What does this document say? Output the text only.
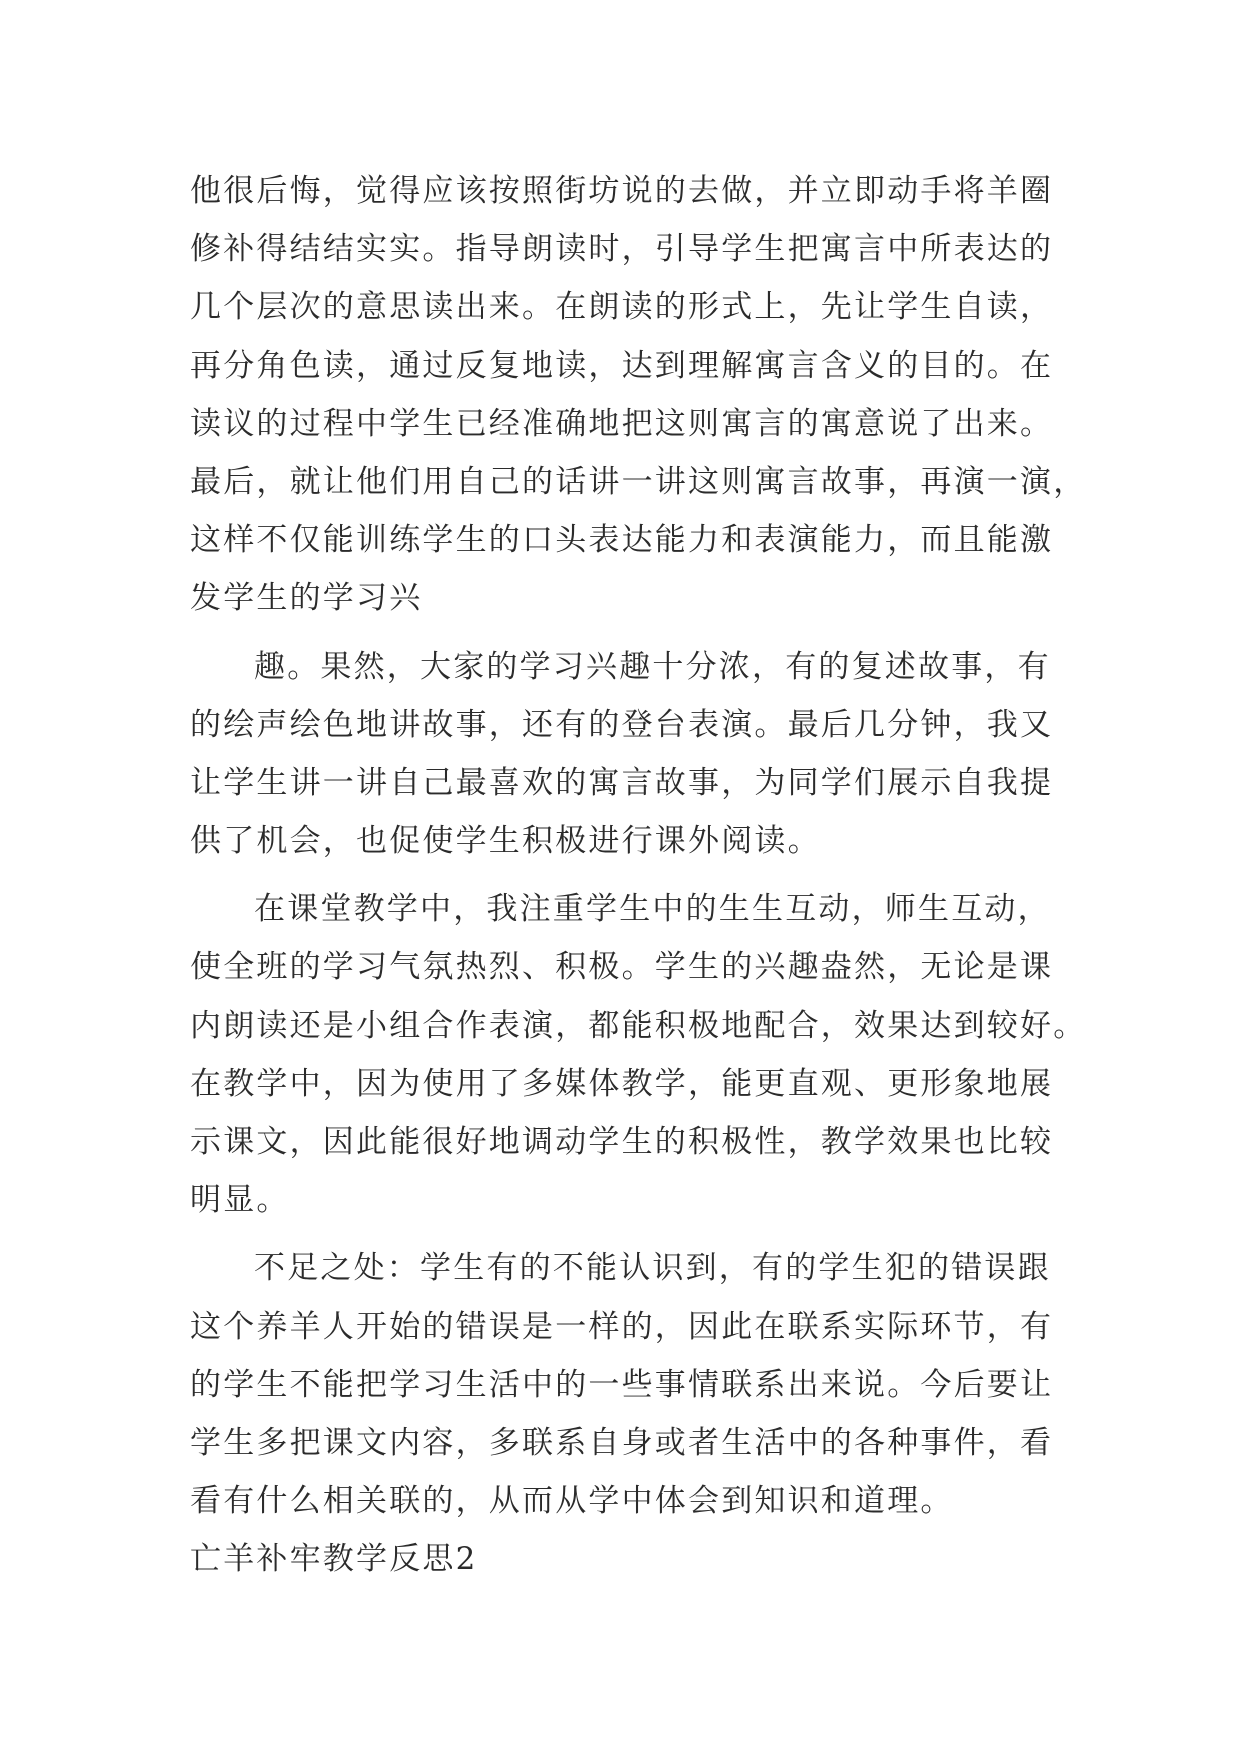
他很后悔，觉得应该按照街坊说的去做，并立即动手将羊圈
修补得结结实实。指导朗读时，引导学生把寓言中所表达的
几个层次的意思读出来。在朗读的形式上，先让学生自读，
再分角色读，通过反复地读，达到理解寓言含义的目的。在
读议的过程中学生已经准确地把这则寓言的寓意说了出来。
最后，就让他们用自己的话讲一讲这则寓言故事，再演一演，
这样不仅能训练学生的口头表达能力和表演能力，而且能激
发学生的学习兴
趣。果然，大家的学习兴趣十分浓，有的复述故事，有
的绘声绘色地讲故事，还有的登台表演。最后几分钟，我又
让学生讲一讲自己最喜欢的寓言故事，为同学们展示自我提
供了机会，也促使学生积极进行课外阅读。
在课堂教学中，我注重学生中的生生互动，师生互动，
使全班的学习气氛热烈、积极。学生的兴趣盎然，无论是课
内朗读还是小组合作表演，都能积极地配合，效果达到较好。
在教学中，因为使用了多媒体教学，能更直观、更形象地展
示课文，因此能很好地调动学生的积极性，教学效果也比较
明显。
不足之处：学生有的不能认识到，有的学生犯的错误跟
这个养羊人开始的错误是一样的，因此在联系实际环节，有
的学生不能把学习生活中的一些事情联系出来说。今后要让
学生多把课文内容，多联系自身或者生活中的各种事件，看
看有什么相关联的，从而从学中体会到知识和道理。
亡羊补牢教学反思2
